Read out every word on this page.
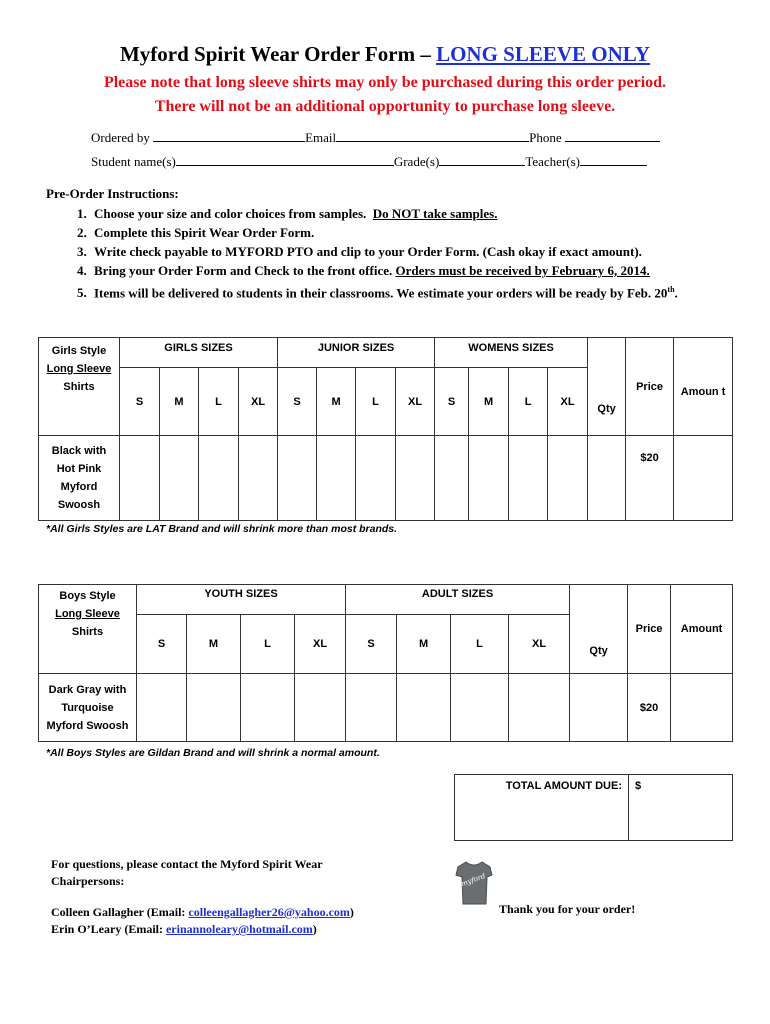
Myford Spirit Wear Order Form – LONG SLEEVE ONLY
Please note that long sleeve shirts may only be purchased during this order period.
There will not be an additional opportunity to purchase long sleeve.
Ordered by	Email	Phone
Student name(s)	Grade(s)	Teacher(s)
Pre-Order Instructions:
1. Choose your size and color choices from samples. Do NOT take samples.
2. Complete this Spirit Wear Order Form.
3. Write check payable to MYFORD PTO and clip to your Order Form. (Cash okay if exact amount).
4. Bring your Order Form and Check to the front office. Orders must be received by February 6, 2014.
5. Items will be delivered to students in their classrooms. We estimate your orders will be ready by Feb. 20th.
Girls Style
Long Sleeve
Shirts	GIRLS SIZES				JUNIOR SIZES				WOMENS SIZES				Qty	Price	Amoun t
	S	M	L	XL	S	M	L	XL	S	M	L	XL			

Black with
Hot Pink
Myford
Swoosh														$20	
*All Girls Styles are LAT Brand and will shrink more than most brands.
Boys Style
Long Sleeve
Shirts	YOUTH SIZES				ADULT SIZES				Qty	Price	Amount
	S	M	L	XL	S	M	L	XL			

Dark Gray with
Turquoise
Myford Swoosh										$20	
*All Boys Styles are Gildan Brand and will shrink a normal amount.
TOTAL AMOUNT DUE:	$
For questions, please contact the Myford Spirit Wear
Chairpersons:
Colleen Gallagher (Email: colleengallagher26@yahoo.com)
Erin O’Leary (Email: erinannoleary@hotmail.com)
myford
Thank you for your order!
